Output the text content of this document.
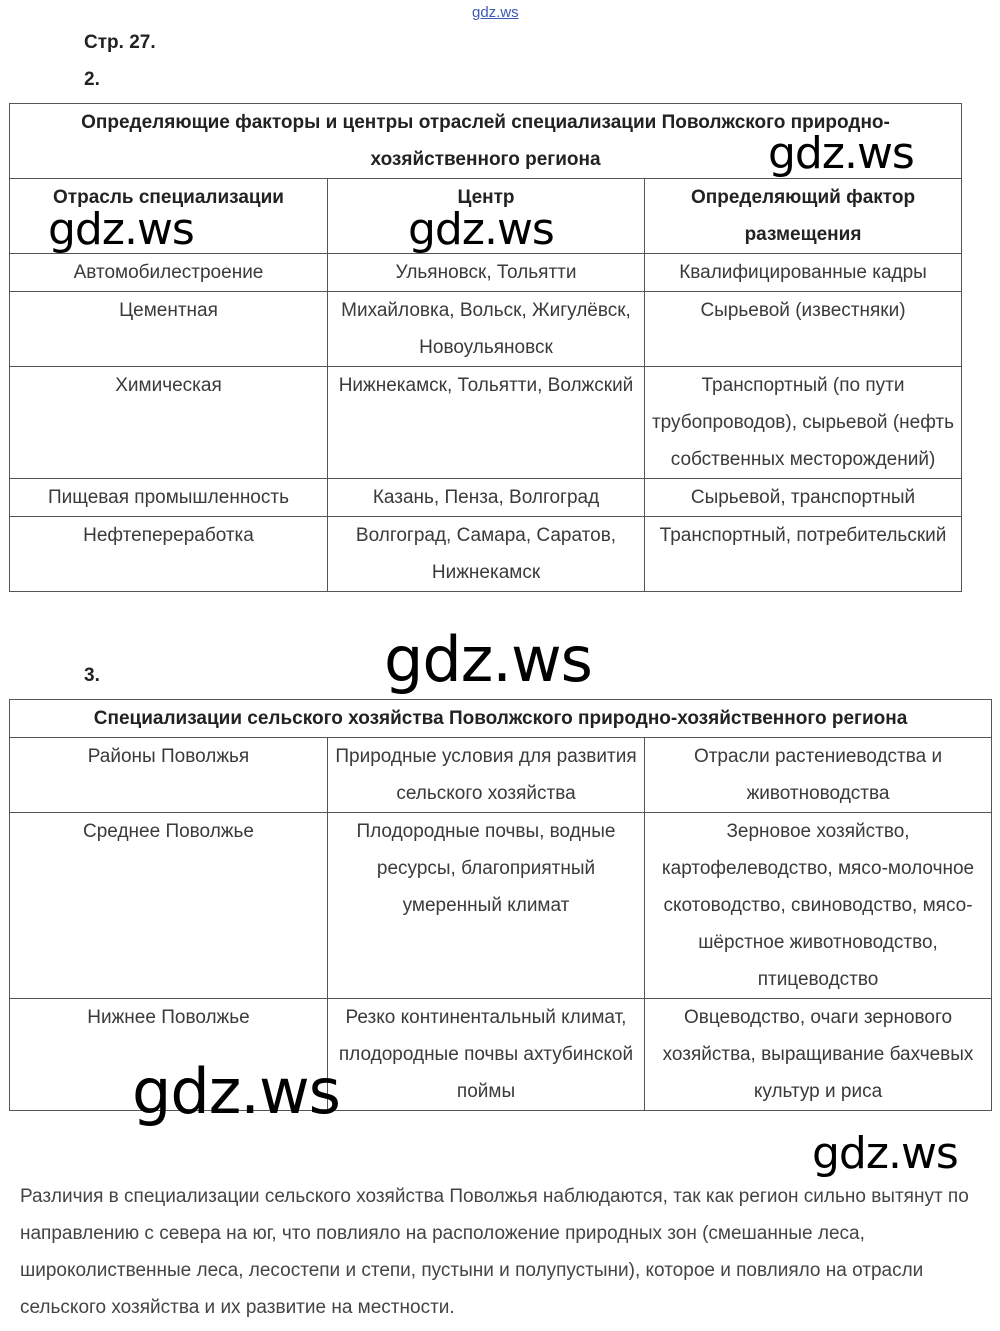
gdz.ws
Стр. 27.
2.
Определяющие факторы и центры отраслей специализации Поволжского природно-хозяйственного региона		
Отрасль специализации	Центр	Определяющий фактор размещения
Автомобилестроение	Ульяновск, Тольятти	Квалифицированные кадры
Цементная	Михайловка, Вольск, Жигулёвск, Новоульяновск	Сырьевой (известняки)
Химическая	Нижнекамск, Тольятти, Волжский	Транспортный (по пути трубопроводов), сырьевой (нефть собственных месторождений)
Пищевая промышленность	Казань, Пенза, Волгоград	Сырьевой, транспортный
Нефтепереработка	Волгоград, Самара, Саратов, Нижнекамск	Транспортный, потребительский
3.
Специализации сельского хозяйства Поволжского природно-хозяйственного региона		
Районы Поволжья	Природные условия для развития сельского хозяйства	Отрасли растениеводства и животноводства
Среднее Поволжье	Плодородные почвы, водные ресурсы, благоприятный умеренный климат	Зерновое хозяйство, картофелеводство, мясо-молочное скотоводство, свиноводство, мясо-шёрстное животноводство, птицеводство
Нижнее Поволжье	Резко континентальный климат, плодородные почвы ахтубинской поймы	Овцеводство, очаги зернового хозяйства, выращивание бахчевых культур и риса
Различия в специализации сельского хозяйства Поволжья наблюдаются, так как регион сильно вытянут по направлению с севера на юг, что повлияло на расположение природных зон (смешанные леса, широколиственные леса, лесостепи и степи, пустыни и полупустыни), которое и повлияло на отрасли сельского хозяйства и их развитие на местности.
gdz.ws
gdz.ws	gdz.ws
gdz.ws
gdz.ws
gdz.ws
